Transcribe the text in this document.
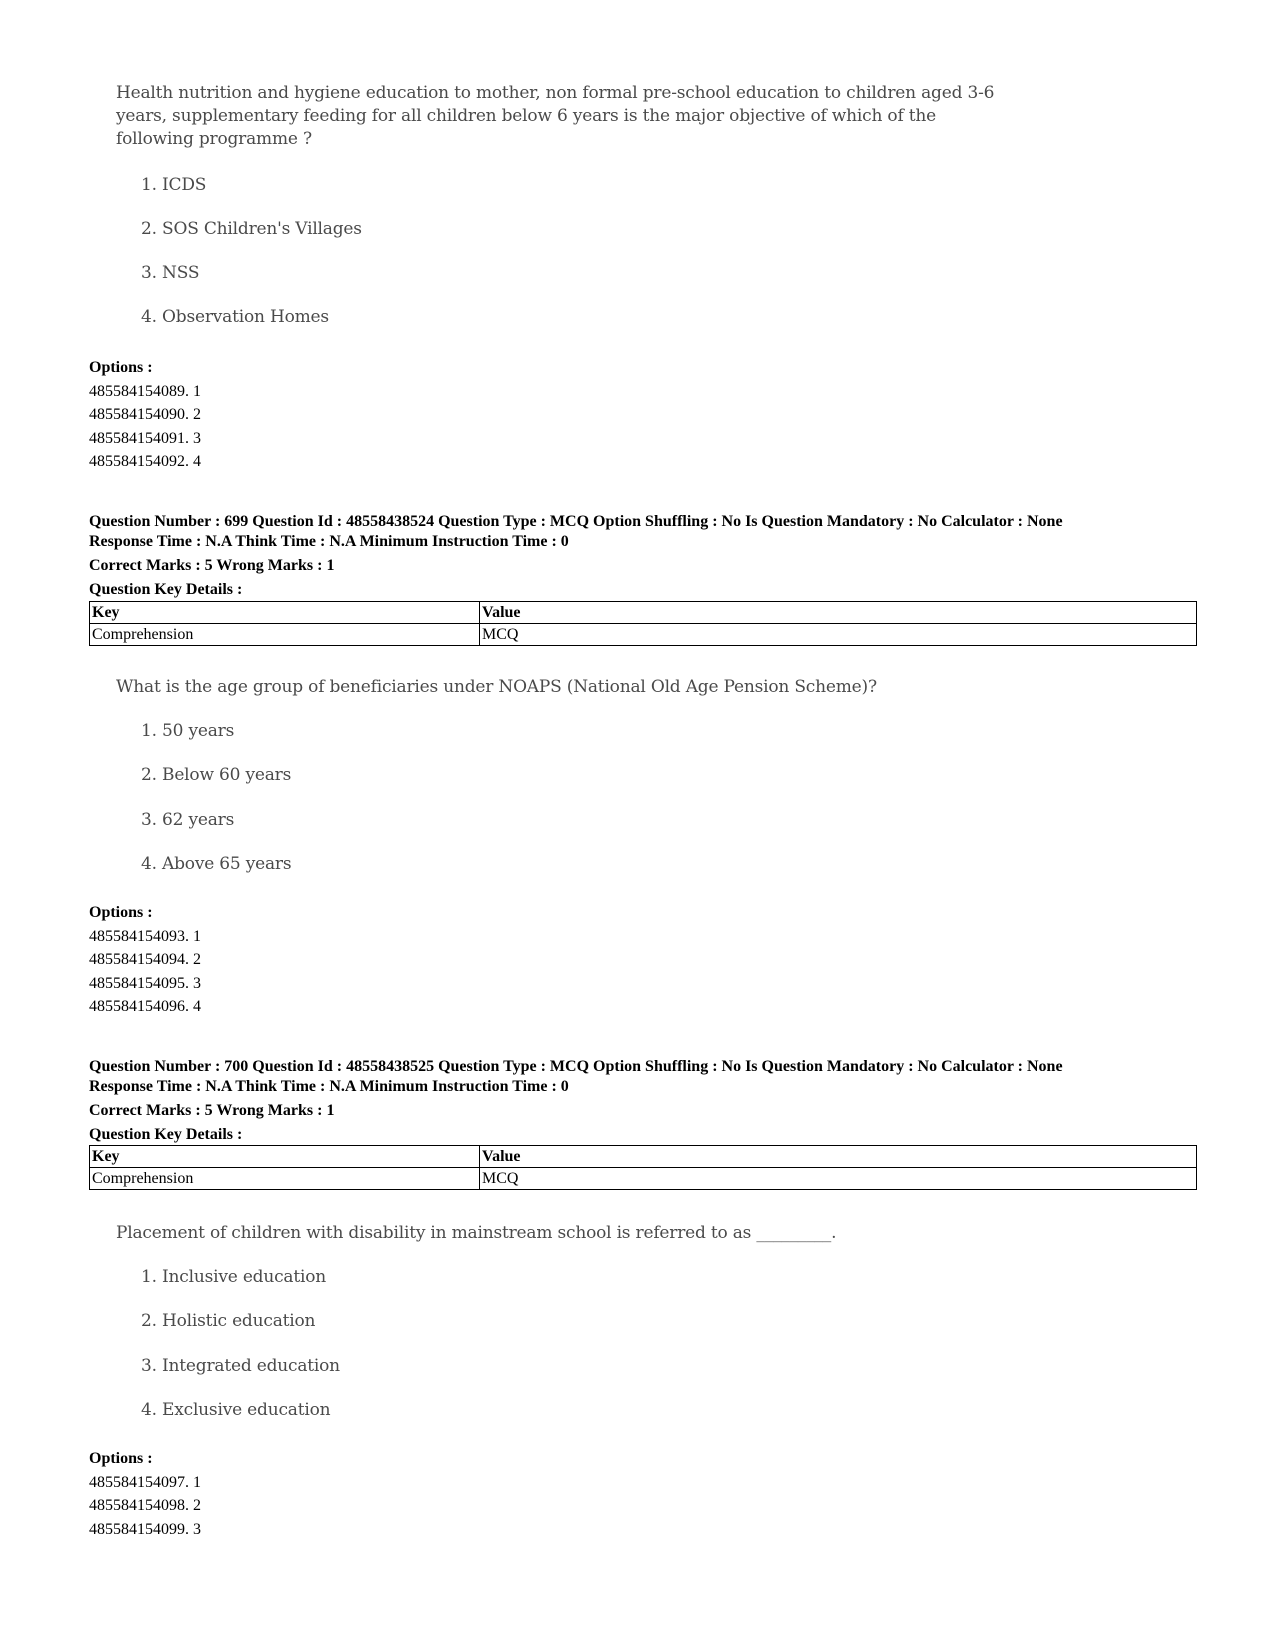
Health nutrition and hygiene education to mother, non formal pre-school education to children aged 3-6 years, supplementary feeding for all children below 6 years is the major objective of which of the following programme ?
1. ICDS
2. SOS Children's Villages
3. NSS
4. Observation Homes
Options :
485584154089. 1
485584154090. 2
485584154091. 3
485584154092. 4
Question Number : 699 Question Id : 48558438524 Question Type : MCQ Option Shuffling : No Is Question Mandatory : No Calculator : None
Response Time : N.A Think Time : N.A Minimum Instruction Time : 0
Correct Marks : 5 Wrong Marks : 1
Question Key Details :
Key	Value
Comprehension	MCQ
What is the age group of beneficiaries under NOAPS (National Old Age Pension Scheme)?
1. 50 years
2. Below 60 years
3. 62 years
4. Above 65 years
Options :
485584154093. 1
485584154094. 2
485584154095. 3
485584154096. 4
Question Number : 700 Question Id : 48558438525 Question Type : MCQ Option Shuffling : No Is Question Mandatory : No Calculator : None
Response Time : N.A Think Time : N.A Minimum Instruction Time : 0
Correct Marks : 5 Wrong Marks : 1
Question Key Details :
Key	Value
Comprehension	MCQ
Placement of children with disability in mainstream school is referred to as _________.
1. Inclusive education
2. Holistic education
3. Integrated education
4. Exclusive education
Options :
485584154097. 1
485584154098. 2
485584154099. 3
